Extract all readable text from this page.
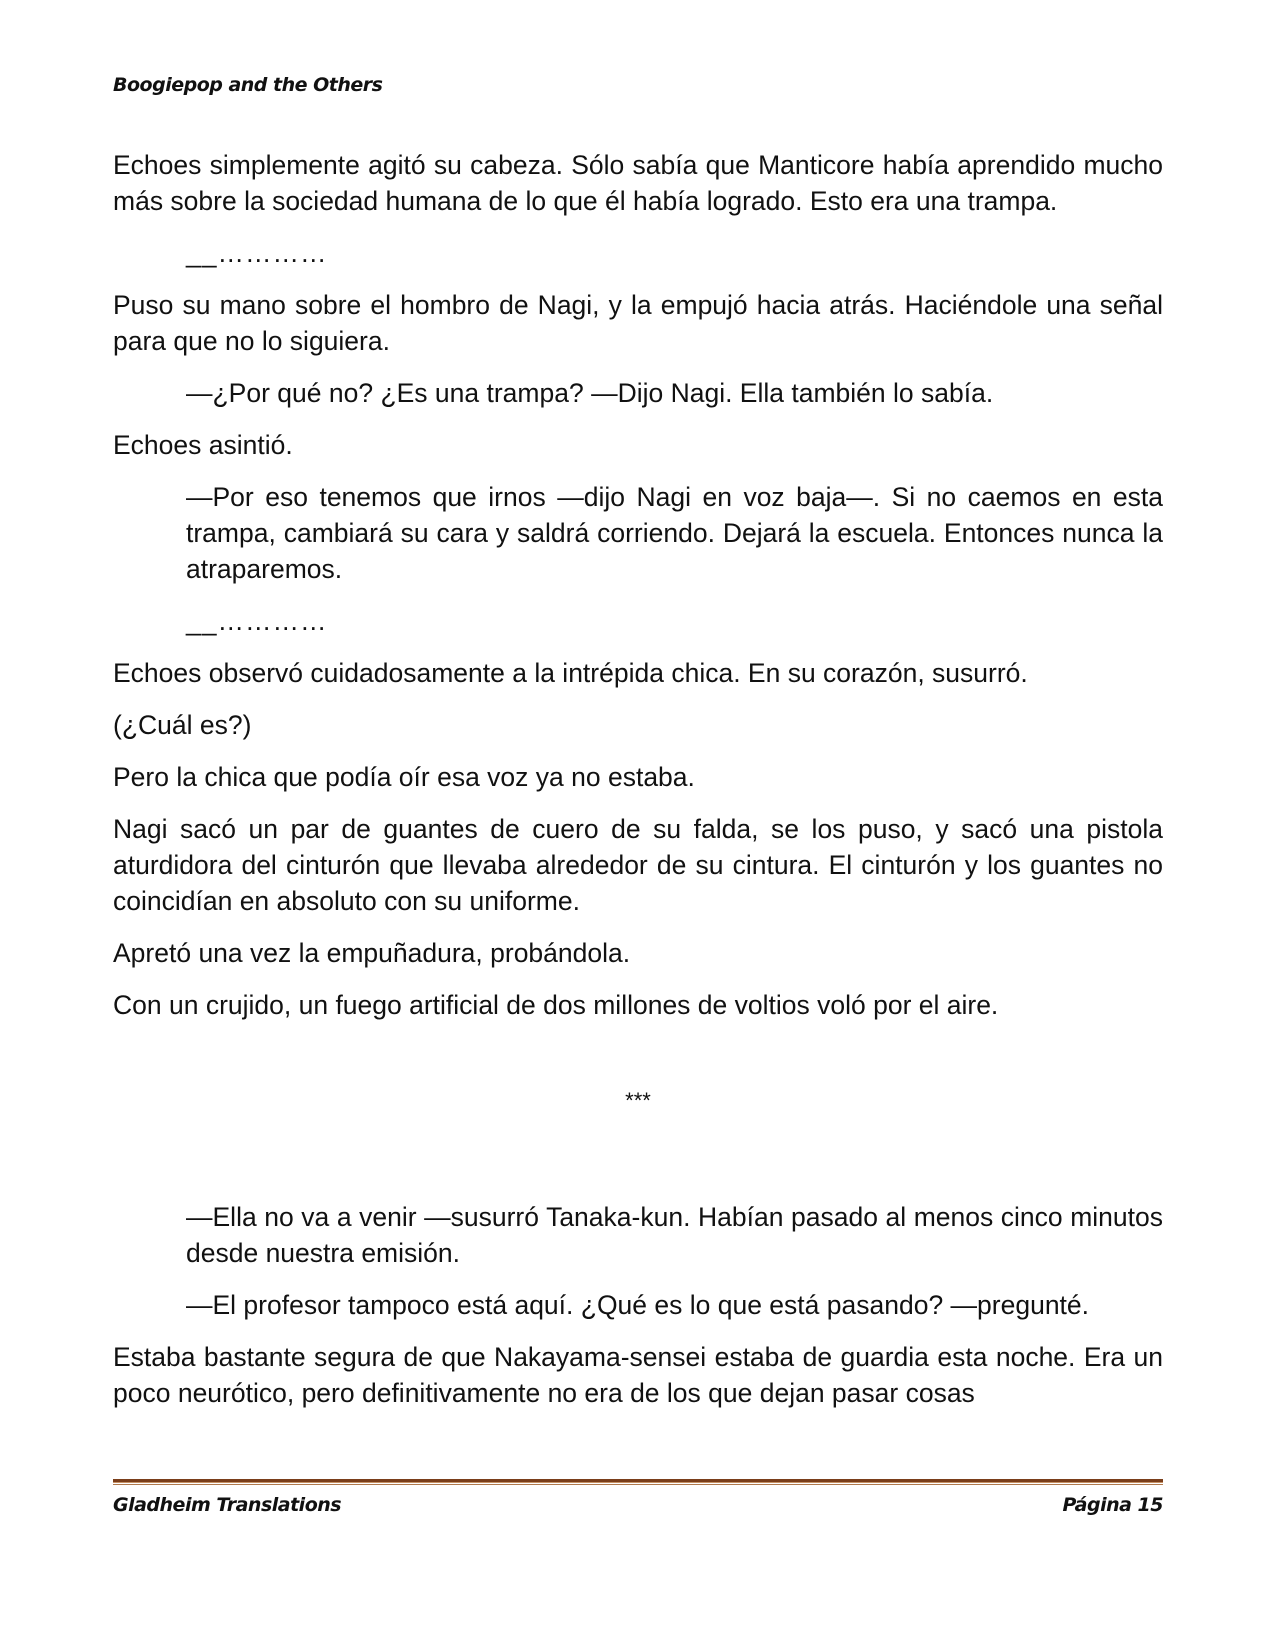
Boogiepop and the Others

Echoes simplemente agitó su cabeza. Sólo sabía que Manticore había aprendido mucho más sobre la sociedad humana de lo que él había logrado. Esto era una trampa.

__…………

Puso su mano sobre el hombro de Nagi, y la empujó hacia atrás. Haciéndole una señal para que no lo siguiera.

—¿Por qué no? ¿Es una trampa? —Dijo Nagi. Ella también lo sabía.

Echoes asintió.

—Por eso tenemos que irnos —dijo Nagi en voz baja—. Si no caemos en esta trampa, cambiará su cara y saldrá corriendo. Dejará la escuela. Entonces nunca la atraparemos.

__…………

Echoes observó cuidadosamente a la intrépida chica. En su corazón, susurró.

(¿Cuál es?)

Pero la chica que podía oír esa voz ya no estaba.

Nagi sacó un par de guantes de cuero de su falda, se los puso, y sacó una pistola aturdidora del cinturón que llevaba alrededor de su cintura. El cinturón y los guantes no coincidían en absoluto con su uniforme.

Apretó una vez la empuñadura, probándola.

Con un crujido, un fuego artificial de dos millones de voltios voló por el aire.

***

—Ella no va a venir —susurró Tanaka-kun. Habían pasado al menos cinco minutos desde nuestra emisión.

—El profesor tampoco está aquí. ¿Qué es lo que está pasando? —pregunté.

Estaba bastante segura de que Nakayama-sensei estaba de guardia esta noche. Era un poco neurótico, pero definitivamente no era de los que dejan pasar cosas

Gladheim Translations	Página 15
